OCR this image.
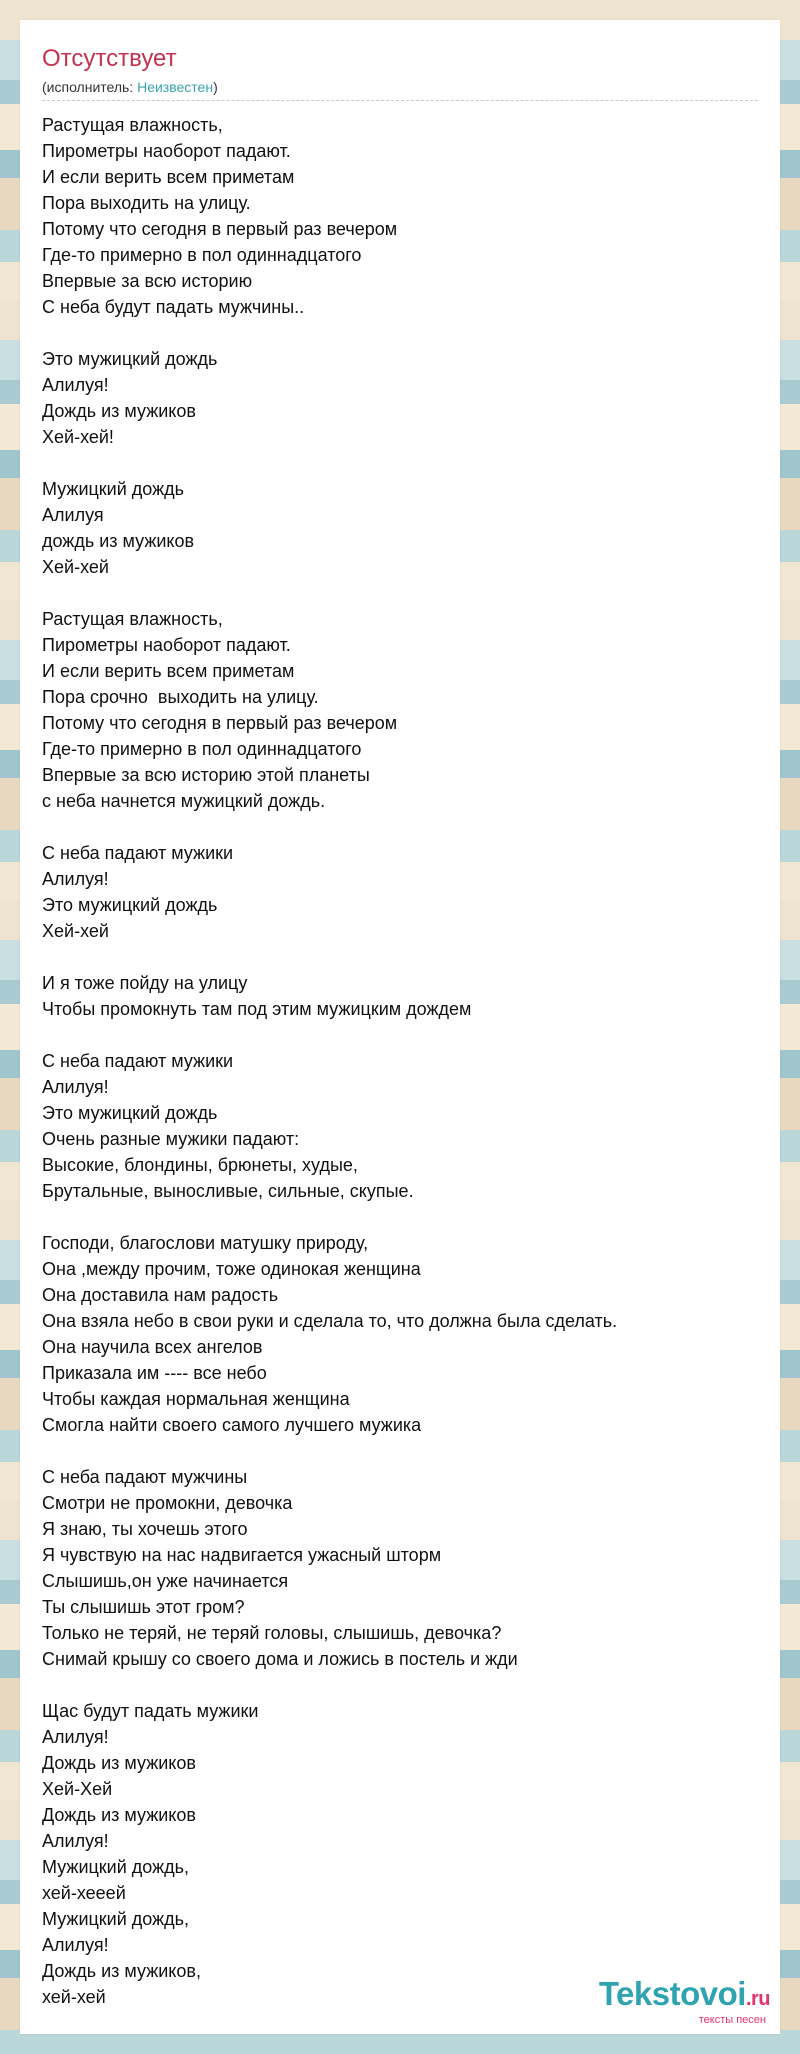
Отсутствует
(исполнитель: Неизвестен)
Растущая влажность,
Пирометры наоборот падают.
И если верить всем приметам
Пора выходить на улицу.
Потому что сегодня в первый раз вечером
Где-то примерно в пол одиннадцатого
Впервые за всю историю
С неба будут падать мужчины..
Это мужицкий дождь
Алилуя!
Дождь из мужиков
Хей-хей!
Мужицкий дождь
Алилуя
дождь из мужиков
Хей-хей
Растущая влажность,
Пирометры наоборот падают.
И если верить всем приметам
Пора срочно  выходить на улицу.
Потому что сегодня в первый раз вечером
Где-то примерно в пол одиннадцатого
Впервые за всю историю этой планеты
с неба начнется мужицкий дождь.
С неба падают мужики
Алилуя!
Это мужицкий дождь
Хей-хей
И я тоже пойду на улицу
Чтобы промокнуть там под этим мужицким дождем
С неба падают мужики
Алилуя!
Это мужицкий дождь
Очень разные мужики падают:
Высокие, блондины, брюнеты, худые,
Брутальные, выносливые, сильные, скупые.
Господи, благослови матушку природу,
Она ,между прочим, тоже одинокая женщина
Она доставила нам радость
Она взяла небо в свои руки и сделала то, что должна была сделать.
Она научила всех ангелов
Приказала им ---- все небо
Чтобы каждая нормальная женщина
Смогла найти своего самого лучшего мужика
С неба падают мужчины
Смотри не промокни, девочка
Я знаю, ты хочешь этого
Я чувствую на нас надвигается ужасный шторм
Слышишь,он уже начинается
Ты слышишь этот гром?
Только не теряй, не теряй головы, слышишь, девочка?
Снимай крышу со своего дома и ложись в постель и жди
Щас будут падать мужики
Алилуя!
Дождь из мужиков
Хей-Хей
Дождь из мужиков
Алилуя!
Мужицкий дождь,
хей-хееей
Мужицкий дождь,
Алилуя!
Дождь из мужиков,
хей-хей	Tekstovoi.ru
тексты песен
